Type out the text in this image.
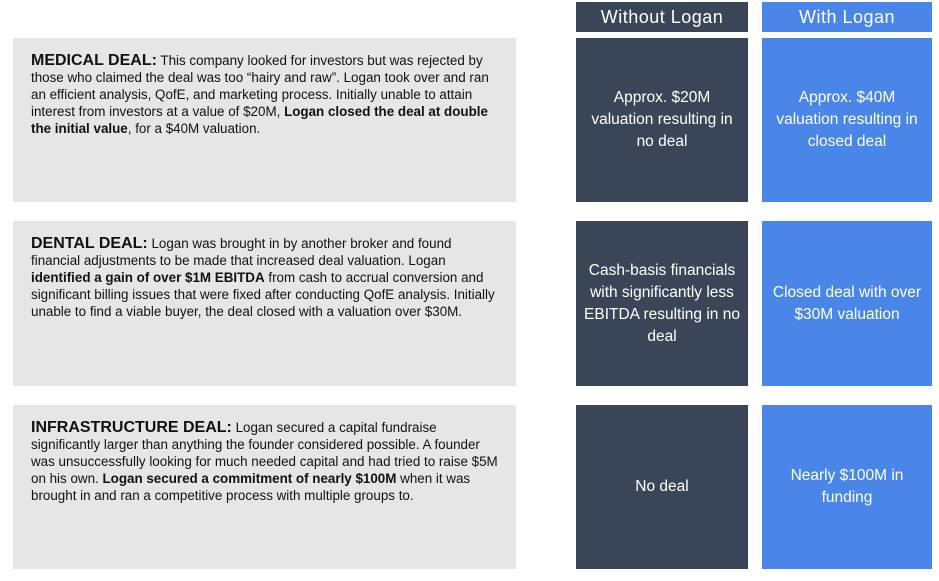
Without Logan	With Logan
MEDICAL DEAL: This company looked for investors but was rejected by those who claimed the deal was too “hairy and raw”. Logan took over and ran an efficient analysis, QofE, and marketing process. Initially unable to attain interest from investors at a value of $20M, Logan closed the deal at double the initial value, for a $40M valuation.
Approx. $20M valuation resulting in no deal
Approx. $40M valuation resulting in closed deal
DENTAL DEAL: Logan was brought in by another broker and found financial adjustments to be made that increased deal valuation. Logan identified a gain of over $1M EBITDA from cash to accrual conversion and significant billing issues that were fixed after conducting QofE analysis. Initially unable to find a viable buyer, the deal closed with a valuation over $30M.
Cash-basis financials with significantly less EBITDA resulting in no deal
Closed deal with over $30M valuation
INFRASTRUCTURE DEAL: Logan secured a capital fundraise significantly larger than anything the founder considered possible. A founder was unsuccessfully looking for much needed capital and had tried to raise $5M on his own. Logan secured a commitment of nearly $100M when it was brought in and ran a competitive process with multiple groups to.
No deal
Nearly $100M in funding
